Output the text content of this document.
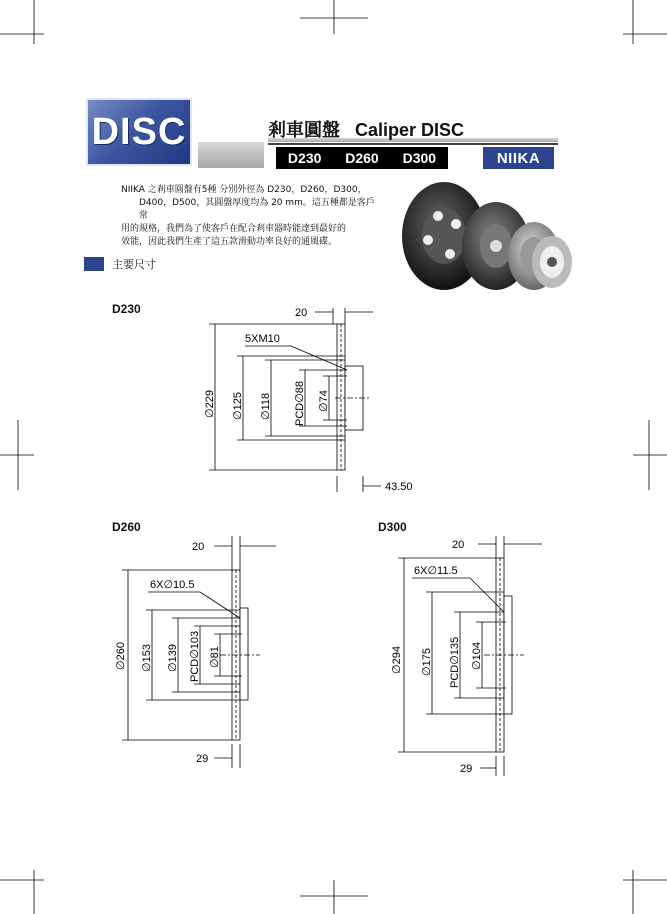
DISC	剎車圓盤 Caliper DISC
D230 D260 D300	NIIKA
NIIKA 之剎車圓盤有5種 分別外徑為 D230，D260，D300，
D400，D500，其圓盤厚度均為 20 mm。這五種都是客戶常
用的規格，我們為了使客戶在配合剎車器時能達到最好的
效能，因此我們生產了這五款滑動功率良好的通風碟。
主要尺寸
D230	20
5XM10
∅229 ∅125 ∅118 PCD∅88 ∅74
43.50
D260
20
6X∅10.5
∅260 ∅153 ∅139 PCD∅103 ∅81
29
D300
20
6X∅11.5
∅294 ∅175 PCD∅135 ∅104
29
